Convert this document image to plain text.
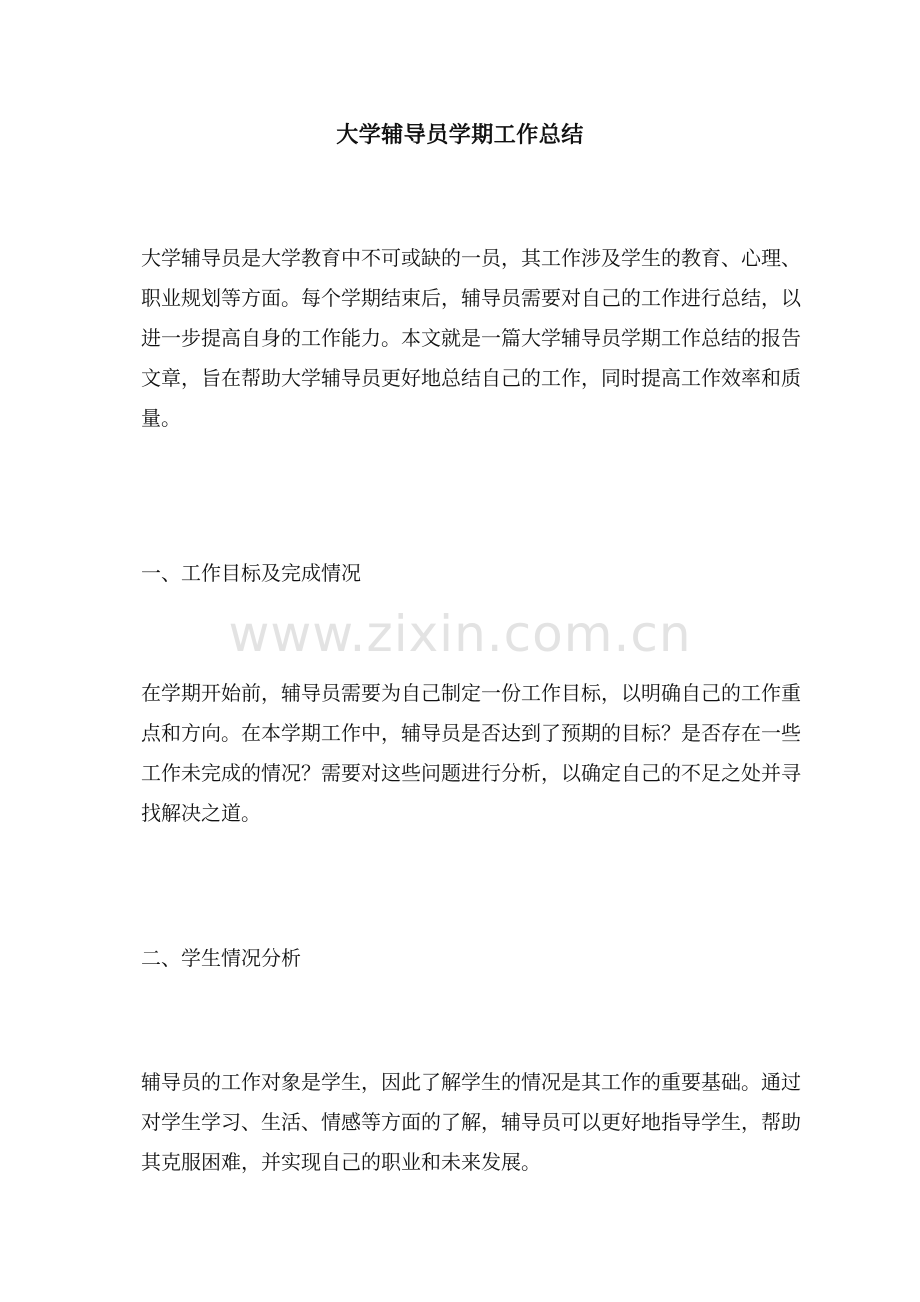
大学辅导员学期工作总结

大学辅导员是大学教育中不可或缺的一员，其工作涉及学生的教育、心理、职业规划等方面。每个学期结束后，辅导员需要对自己的工作进行总结，以进一步提高自身的工作能力。本文就是一篇大学辅导员学期工作总结的报告文章，旨在帮助大学辅导员更好地总结自己的工作，同时提高工作效率和质量。

一、工作目标及完成情况

www.zixin.com.cn

在学期开始前，辅导员需要为自己制定一份工作目标，以明确自己的工作重点和方向。在本学期工作中，辅导员是否达到了预期的目标？是否存在一些工作未完成的情况？需要对这些问题进行分析，以确定自己的不足之处并寻找解决之道。

二、学生情况分析

辅导员的工作对象是学生，因此了解学生的情况是其工作的重要基础。通过对学生学习、生活、情感等方面的了解，辅导员可以更好地指导学生，帮助其克服困难，并实现自己的职业和未来发展。
